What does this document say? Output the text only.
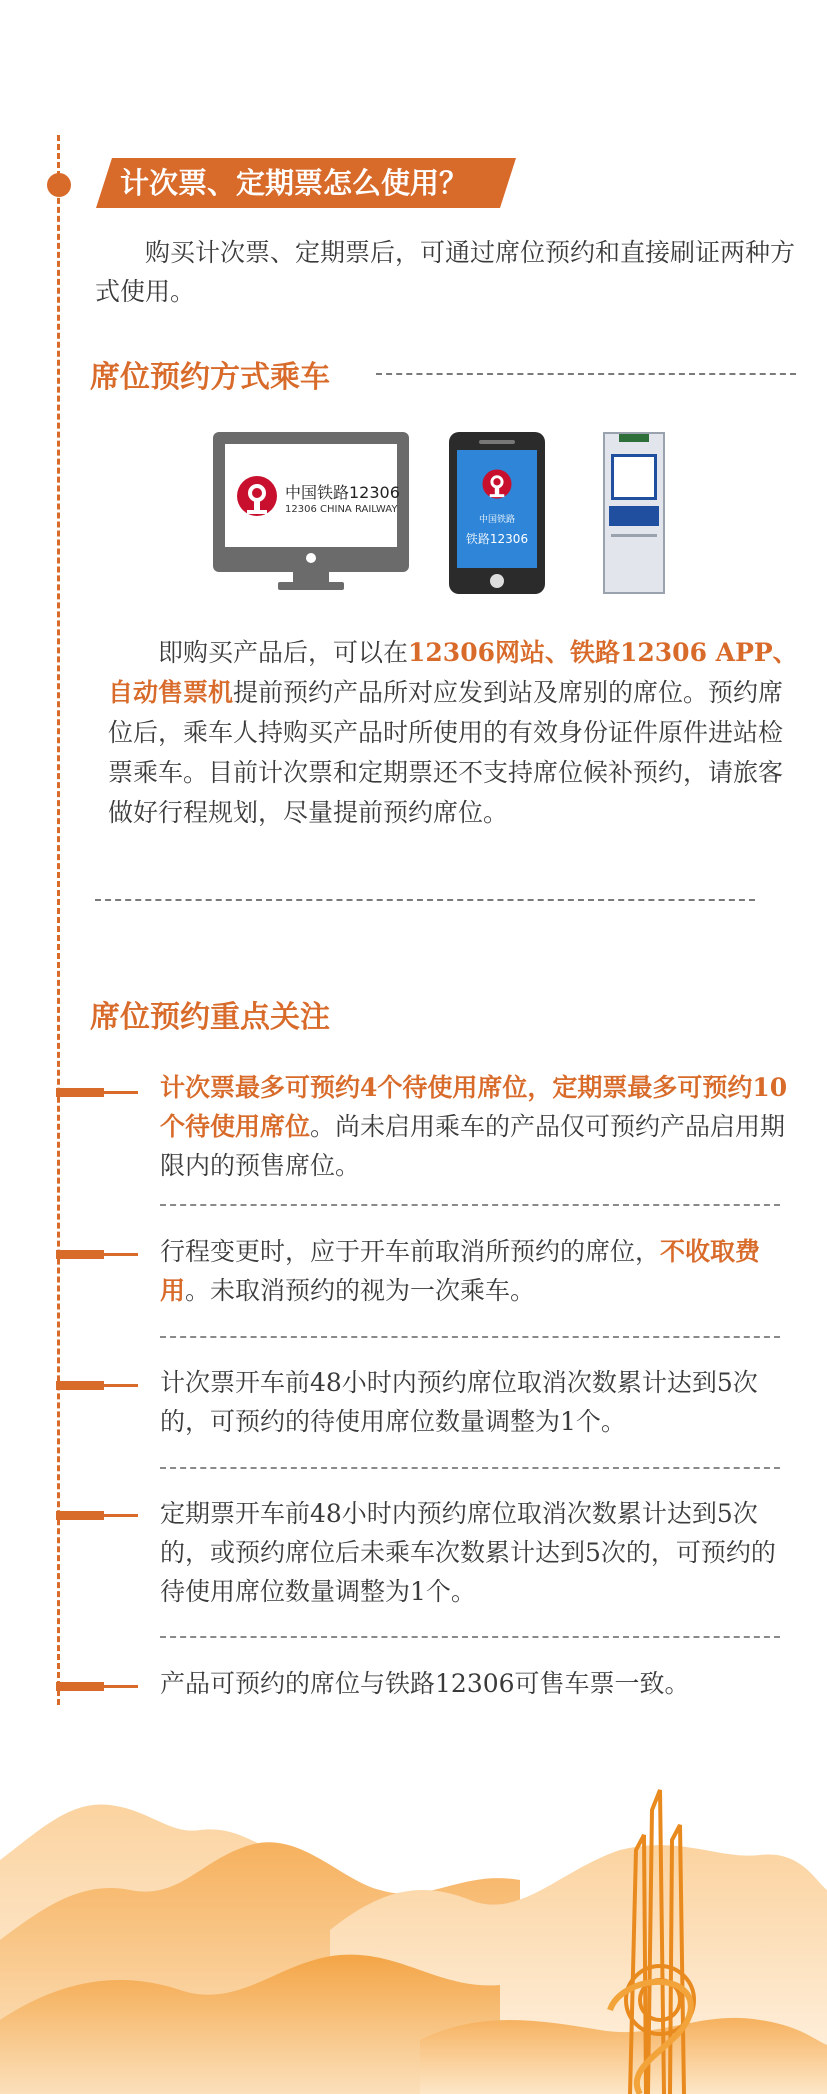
计次票、定期票怎么使用？
购买计次票、定期票后，可通过席位预约和直接刷证两种方式使用。
席位预约方式乘车
中国铁路12306
12306 CHINA RAILWAY
中国铁路
铁路12306
即购买产品后，可以在12306网站、铁路12306 APP、自动售票机提前预约产品所对应发到站及席别的席位。预约席位后，乘车人持购买产品时所使用的有效身份证件原件进站检票乘车。目前计次票和定期票还不支持席位候补预约，请旅客做好行程规划，尽量提前预约席位。
席位预约重点关注
计次票最多可预约4个待使用席位，定期票最多可预约10个待使用席位。尚未启用乘车的产品仅可预约产品启用期限内的预售席位。
行程变更时，应于开车前取消所预约的席位，不收取费用。未取消预约的视为一次乘车。
计次票开车前48小时内预约席位取消次数累计达到5次的，可预约的待使用席位数量调整为1个。
定期票开车前48小时内预约席位取消次数累计达到5次的，或预约席位后未乘车次数累计达到5次的，可预约的待使用席位数量调整为1个。
产品可预约的席位与铁路12306可售车票一致。
